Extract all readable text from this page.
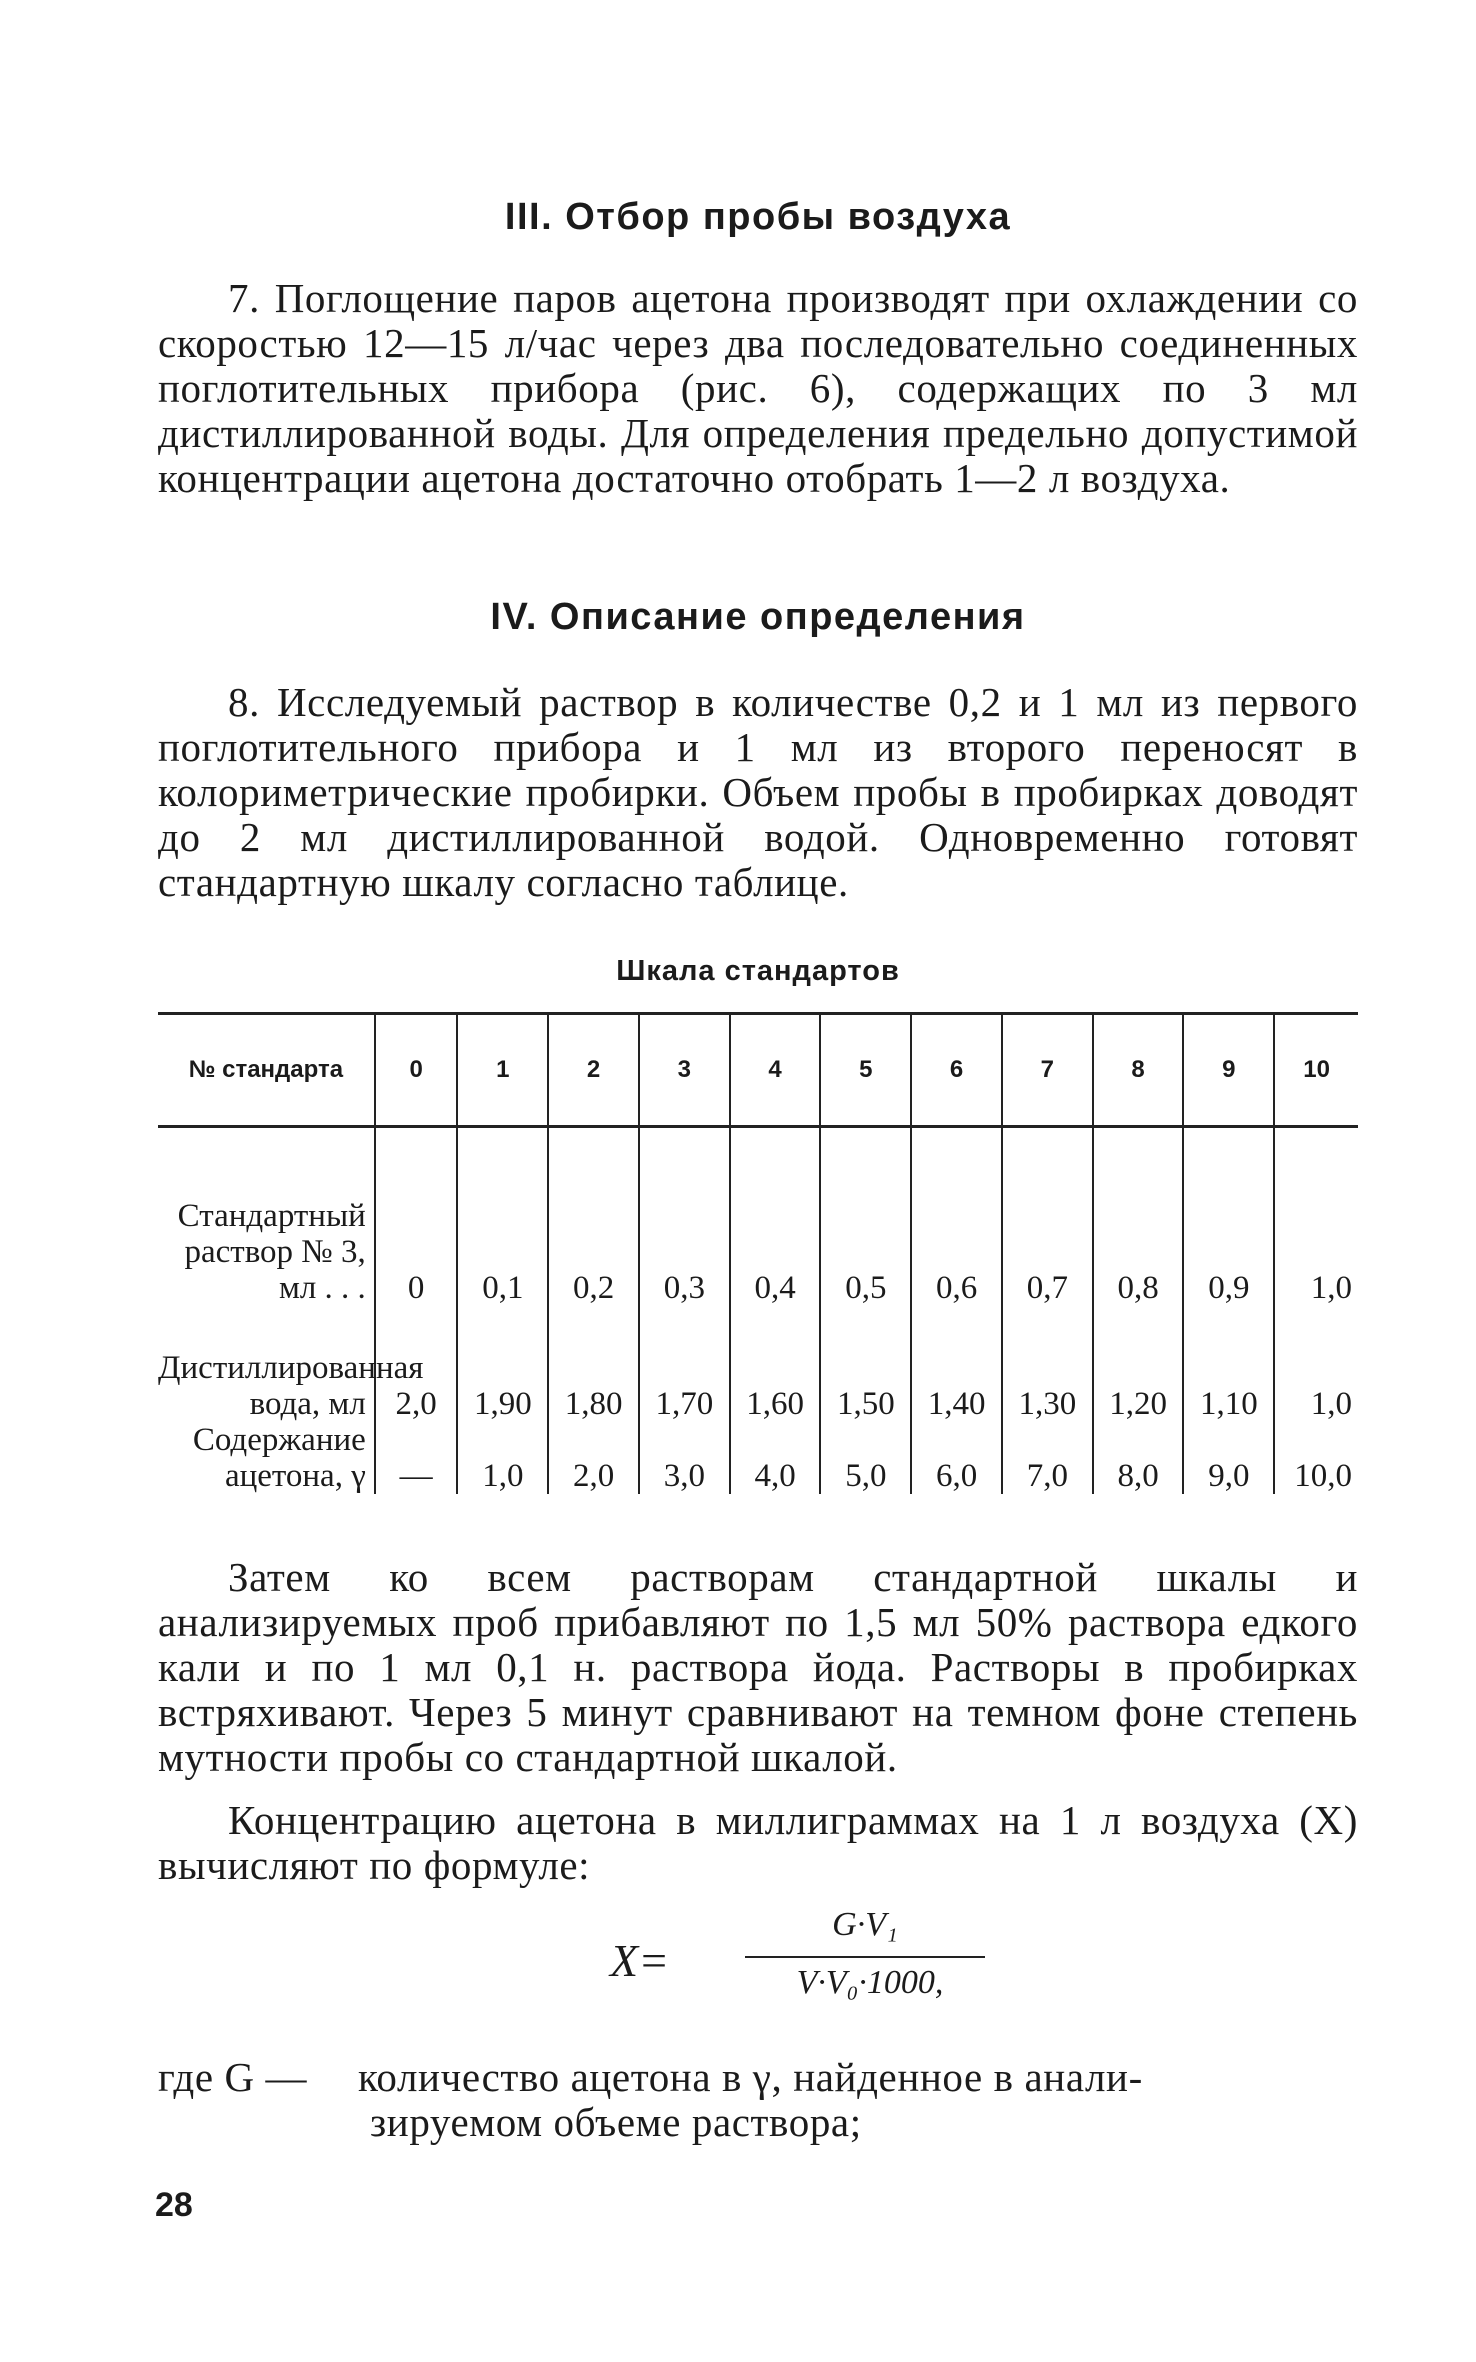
III. Отбор пробы воздуха

7. Поглощение паров ацетона производят при охлаждении со скоростью 12—15 л/час через два последовательно соединенных поглотительных прибора (рис. 6), содержащих по 3 мл дистиллированной воды. Для определения предельно допустимой концентрации ацетона достаточно отобрать 1—2 л воздуха.

IV. Описание определения

8. Исследуемый раствор в количестве 0,2 и 1 мл из первого поглотительного прибора и 1 мл из второго переносят в колориметрические пробирки. Объем пробы в пробирках доводят до 2 мл дистиллированной водой. Одновременно готовят стандартную шкалу согласно таблице.

Шкала стандартов
№ стандарта	0	1	2	3	4	5	6	7	8	9	10
Стандартный раствор № 3, мл . . .	0	0,1	0,2	0,3	0,4	0,5	0,6	0,7	0,8	0,9	1,0
Дистиллированная вода, мл	2,0	1,90	1,80	1,70	1,60	1,50	1,40	1,30	1,20	1,10	1,0
Содержание ацетона, γ	—	1,0	2,0	3,0	4,0	5,0	6,0	7,0	8,0	9,0	10,0

Затем ко всем растворам стандартной шкалы и анализируемых проб прибавляют по 1,5 мл 50% раствора едкого кали и по 1 мл 0,1 н. раствора йода. Растворы в пробирках встряхивают. Через 5 минут сравнивают на темном фоне степень мутности пробы со стандартной шкалой.

Концентрацию ацетона в миллиграммах на 1 л воздуха (X) вычисляют по формуле:

X=
G·V₁
V·V₀·1000,
где G — количество ацетона в γ, найденное в анали-
зируемом объеме раствора;
28
